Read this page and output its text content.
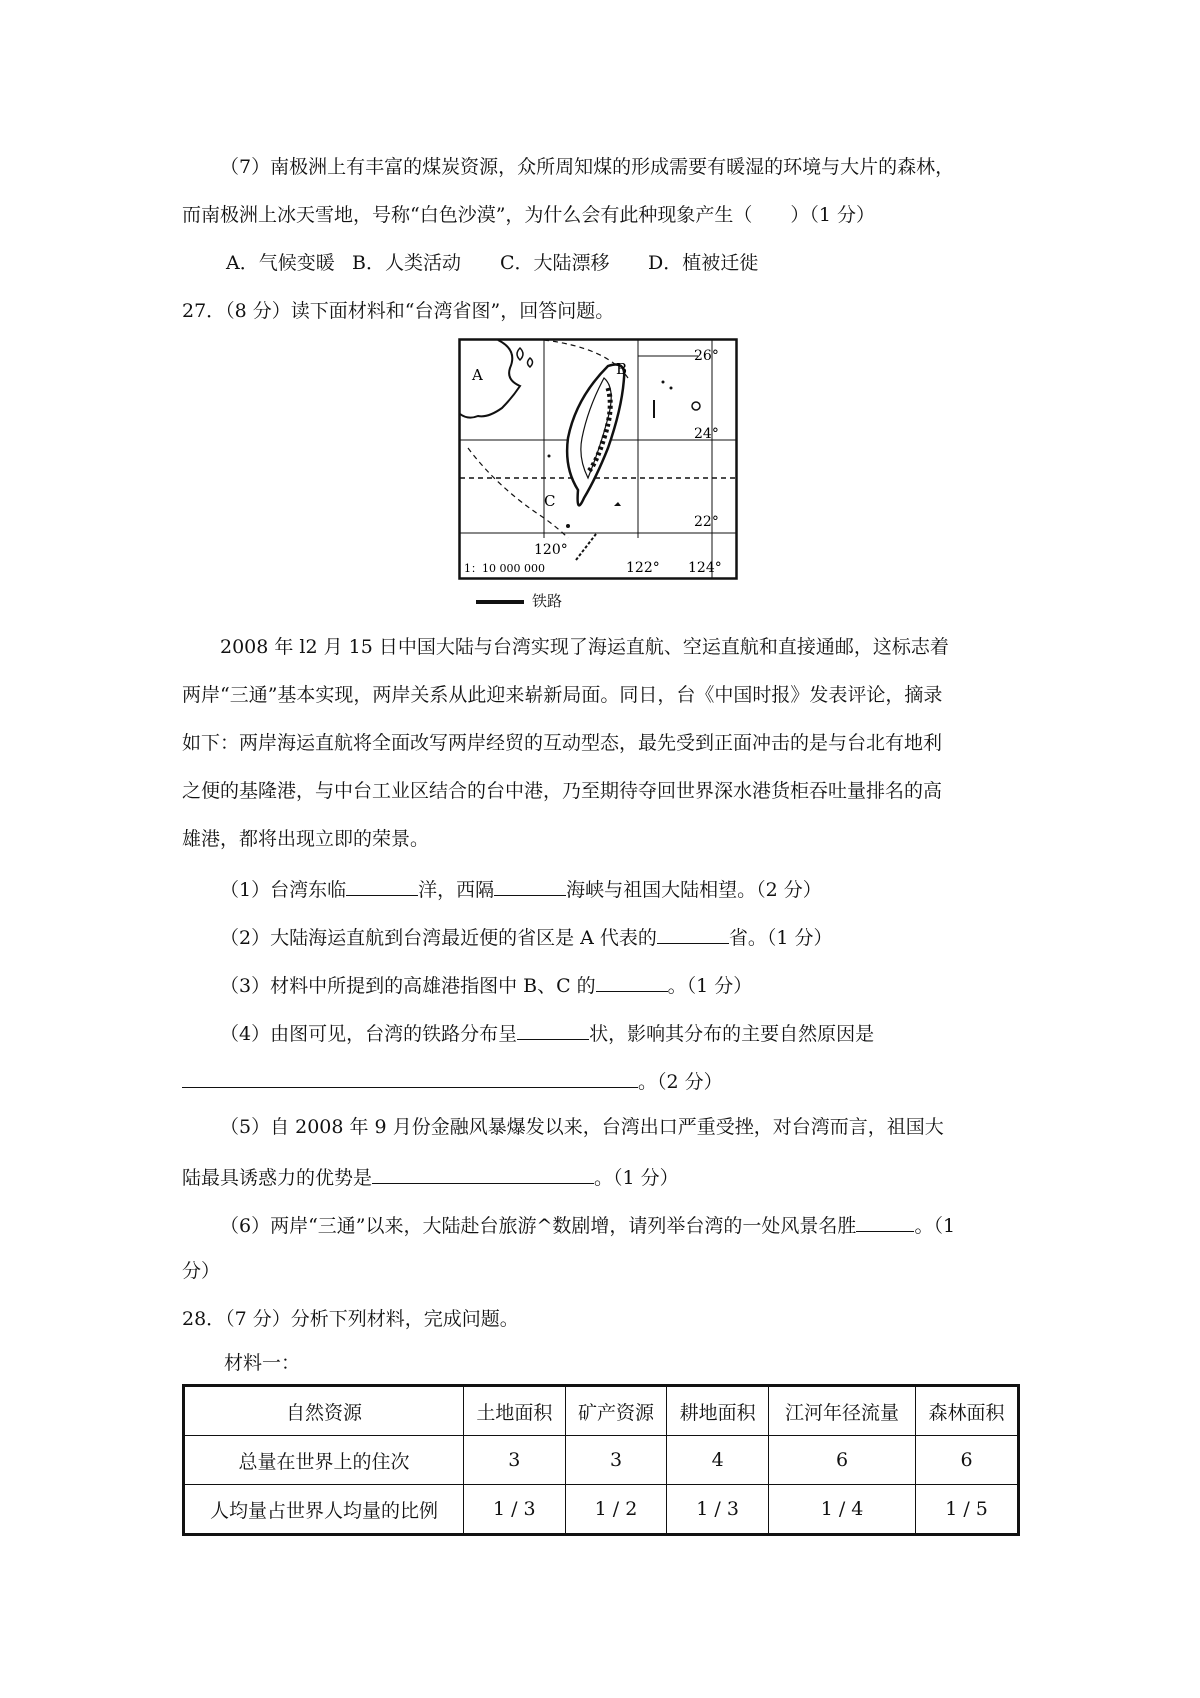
（7）南极洲上有丰富的煤炭资源，众所周知煤的形成需要有暖湿的环境与大片的森林，
而南极洲上冰天雪地，号称“白色沙漠”，为什么会有此种现象产生（　　）（1 分）
A．气候变暖 B．人类活动 C．大陆漂移 D．植被迁徙
27．（8 分）读下面材料和“台湾省图”，回答问题。
A	B
C
26°
24°
22°
120°
122° 124°
1：10 000 000
铁路
2008 年 l2 月 15 日中国大陆与台湾实现了海运直航、空运直航和直接通邮，这标志着
两岸“三通”基本实现，两岸关系从此迎来崭新局面。同日，台《中国时报》发表评论，摘录
如下：两岸海运直航将全面改写两岸经贸的互动型态，最先受到正面冲击的是与台北有地利
之便的基隆港，与中台工业区结合的台中港，乃至期待夺回世界深水港货柜吞吐量排名的高
雄港，都将出现立即的荣景。
（1）台湾东临	洋，西隔	海峡与祖国大陆相望。（2 分）
（2）大陆海运直航到台湾最近便的省区是 A 代表的	省。（1 分）
（3）材料中所提到的高雄港指图中 B、C 的	。（1 分）
（4）由图可见，台湾的铁路分布呈	状，影响其分布的主要自然原因是
。（2 分）
（5）自 2008 年 9 月份金融风暴爆发以来，台湾出口严重受挫，对台湾而言，祖国大
陆最具诱惑力的优势是	。（1 分）
（6）两岸“三通”以来，大陆赴台旅游^数剧增，请列举台湾的一处风景名胜	。（1
分）
28．（7 分）分析下列材料，完成问题。
材料一：
自然资源	土地面积	矿产资源	耕地面积	江河年径流量	森林面积
总量在世界上的住次	3	3	4	6	6
人均量占世界人均量的比例	1 / 3	1 / 2	1 / 3	1 / 4	1 / 5
